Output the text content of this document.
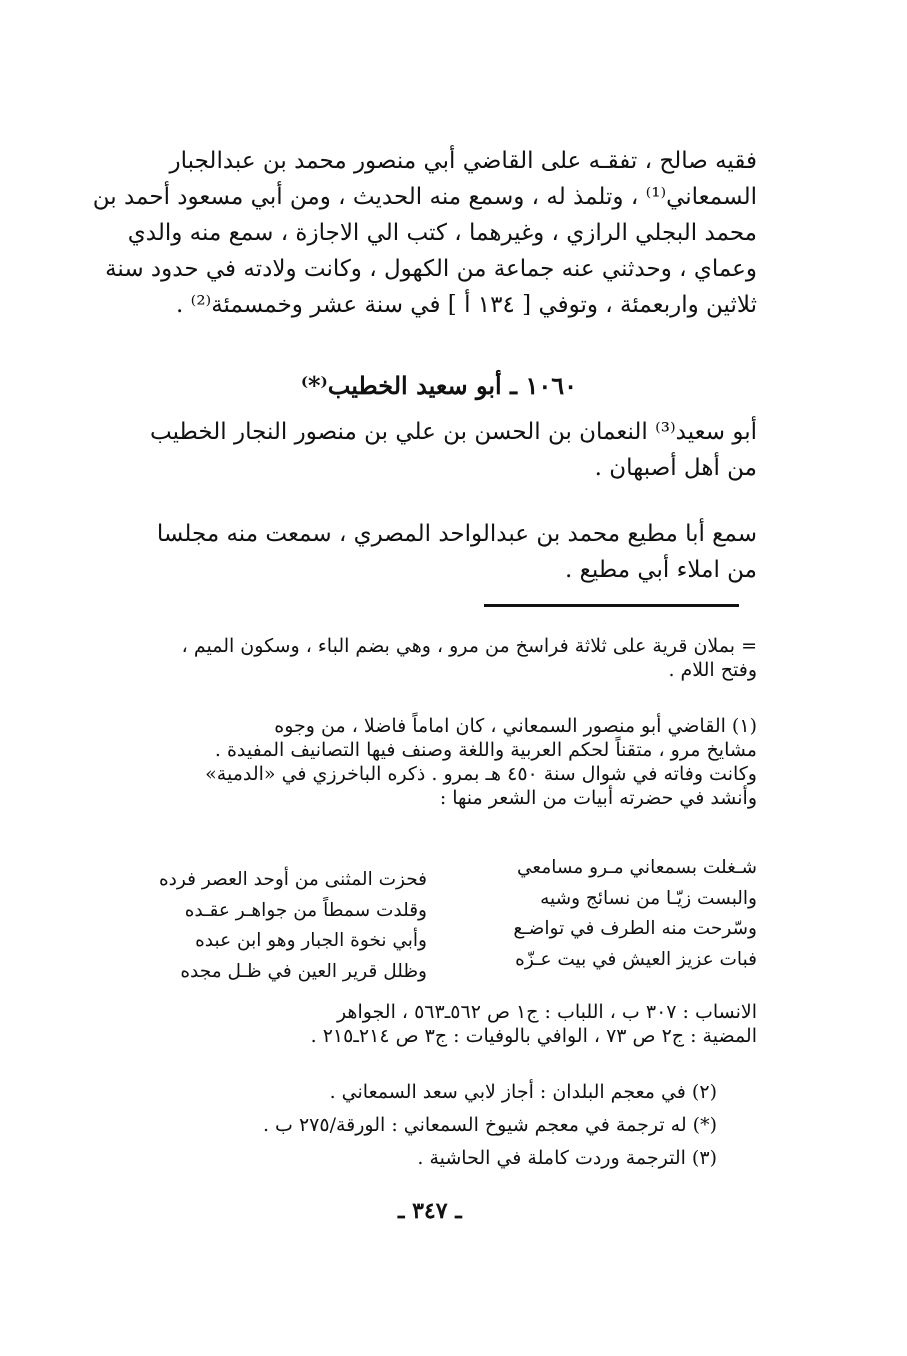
فقيه صالح ، تفقـه على القاضي أبي منصور محمد بن عبدالجبار
السمعاني⁽¹⁾ ، وتلمذ له ، وسمع منه الحديث ، ومن أبي مسعود أحمد بن
محمد البجلي الرازي ، وغيرهما ، كتب الي الاجازة ، سمع منه والدي
وعماي ، وحدثني عنه جماعة من الكهول ، وكانت ولادته في حدود سنة
ثلاثين واربعمئة ، وتوفي [ ١٣٤ أ ] في سنة عشر وخمسمئة⁽²⁾ .
١٠٦٠ ـ أبو سعيد الخطيب⁽*⁾
أبو سعيد⁽³⁾ النعمان بن الحسن بن علي بن منصور النجار الخطيب
من أهل أصبهان .
سمع أبا مطيع محمد بن عبدالواحد المصري ، سمعت منه مجلسا
من املاء أبي مطيع .
= بملان قرية على ثلاثة فراسخ من مرو ، وهي بضم الباء ، وسكون الميم ،
وفتح اللام .
(١) القاضي أبو منصور السمعاني ، كان اماماً فاضلا ، من وجوه
مشايخ مرو ، متقناً لحكم العربية واللغة وصنف فيها التصانيف المفيدة .
وكانت وفاته في شوال سنة ٤٥٠ هـ بمرو . ذكره الباخرزي في «الدمية»
وأنشد في حضرته أبيات من الشعر منها :
شـغلت بسمعاني مـرو مسامعي
والبست زيّـا من نسائج وشيه
وسّرحت منه الطرف في تواضـع
فبات عزيز العيش في بيت عـزّه
فحزت المثنى من أوحد العصر فرده
وقلدت سمطاً من جواهـر عقـده
وأبي نخوة الجبار وهو ابن عبده
وظلل قرير العين في ظـل مجده
الانساب : ٣٠٧ ب ، اللباب : ج١ ص ٥٦٢ـ٥٦٣ ، الجواهر
المضية : ج٢ ص ٧٣ ، الوافي بالوفيات : ج٣ ص ٢١٤ـ٢١٥ .
(٢) في معجم البلدان : أجاز لابي سعد السمعاني .
(*) له ترجمة في معجم شيوخ السمعاني : الورقة/٢٧٥ ب .
(٣) الترجمة وردت كاملة في الحاشية .
ـ ٣٤٧ ـ
